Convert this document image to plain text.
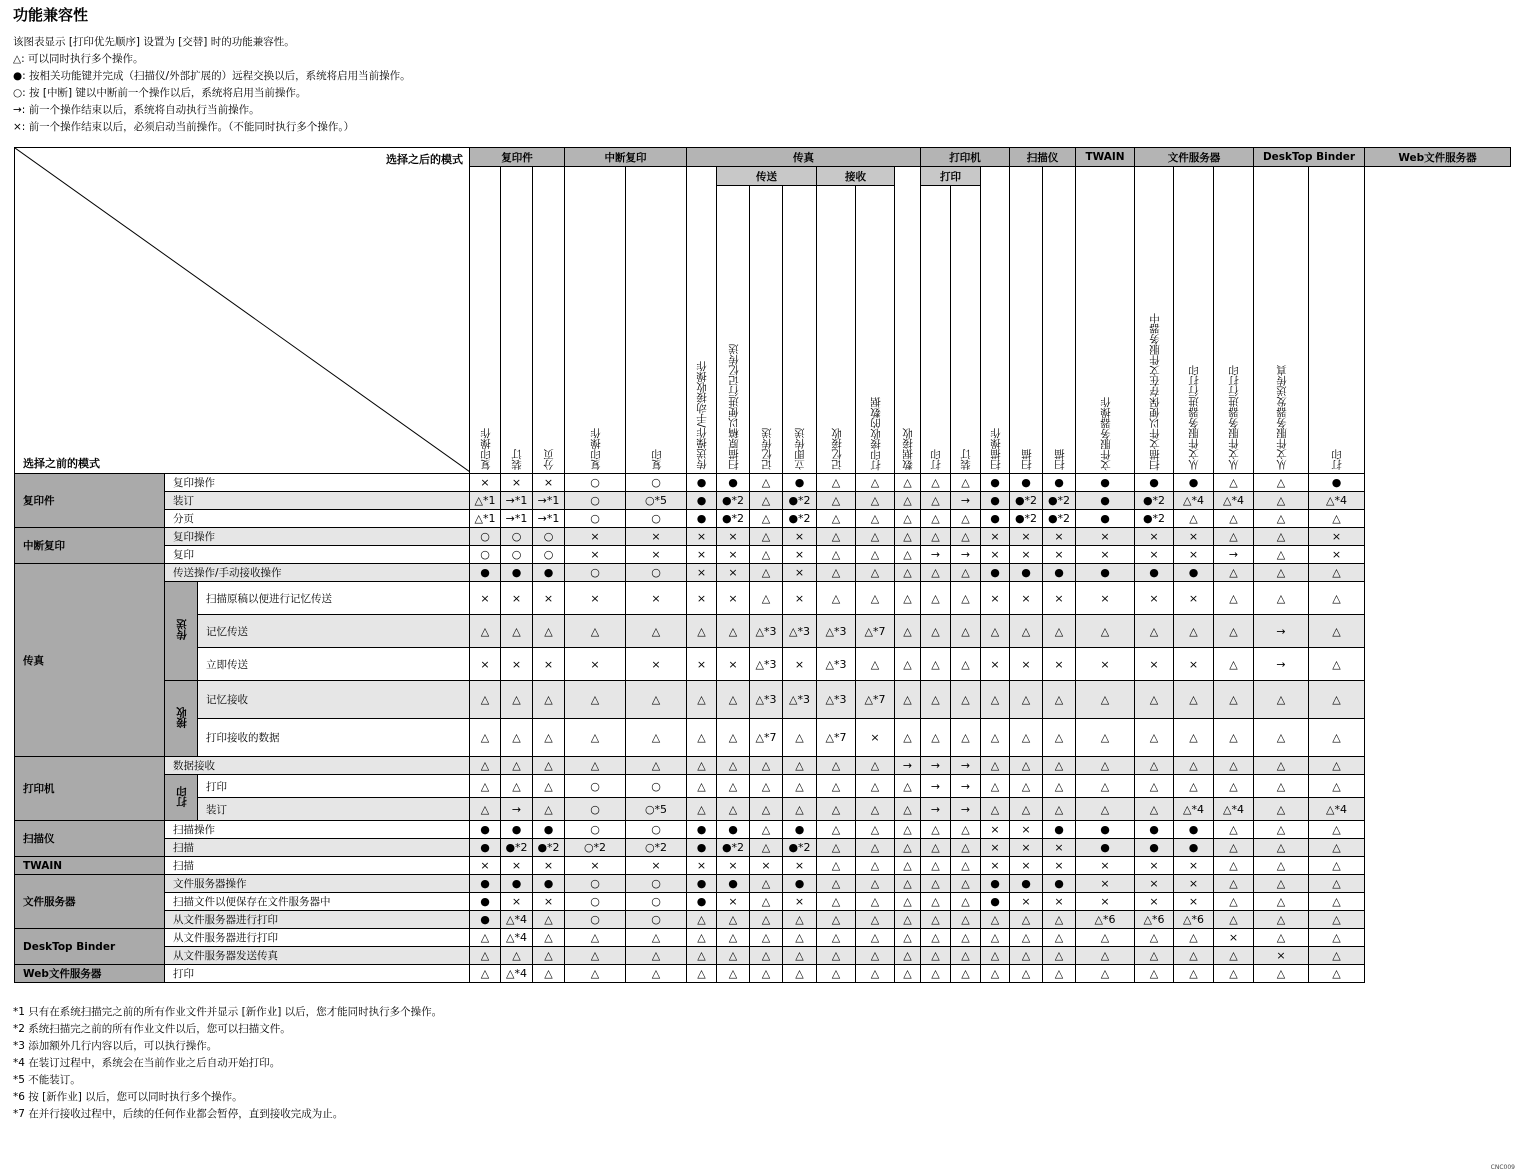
功能兼容性
该图表显示 [打印优先顺序] 设置为 [交替] 时的功能兼容性。
△: 可以同时执行多个操作。
●: 按相关功能键并完成（扫描仪/外部扩展的）远程交换以后，系统将启用当前操作。
○: 按 [中断] 键以中断前一个操作以后，系统将启用当前操作。
→: 前一个操作结束以后，系统将自动执行当前操作。
×: 前一个操作结束以后，必须启动当前操作。（不能同时执行多个操作。）
选择之后的模式
选择之前的模式			复印件			中断复印		传真							打印机			扫描仪		TWAIN	文件服务器			DeskTop Binder		Web文件服务器
			复印操作	装订	分页	复印操作	复印	传送操作/手动接收操作	传送			接收		数据接收	打印		扫描操作	扫描	扫描	文件服务器操作	扫描文件以便保存在文件服务器中	从文件服务器进行打印	从文件服务器进行打印	从文件服务器发送传真	打印	
									扫描原稿以便进行记忆传送	记忆传送	立即传送	记忆接收	打印接收的数据		打印	装订										
复印件	复印操作		×	×	×	○	○	●	●	△	●	△	△	△	△	△	●	●	●	●	●	●	△	△	●	
	装订		△*1	→*1	→*1	○	○*5	●	●*2	△	●*2	△	△	△	△	→	●	●*2	●*2	●	●*2	△*4	△*4	△	△*4	
	分页		△*1	→*1	→*1	○	○	●	●*2	△	●*2	△	△	△	△	△	●	●*2	●*2	●	●*2	△	△	△	△	
中断复印	复印操作		○	○	○	×	×	×	×	△	×	△	△	△	△	△	×	×	×	×	×	×	△	△	×	
	复印		○	○	○	×	×	×	×	△	×	△	△	△	→	→	×	×	×	×	×	×	→	△	×	
传真	传送操作/手动接收操作		●	●	●	○	○	×	×	△	×	△	△	△	△	△	●	●	●	●	●	●	△	△	△	
	传送	扫描原稿以便进行记忆传送	×	×	×	×	×	×	×	△	×	△	△	△	△	△	×	×	×	×	×	×	△	△	△	
		记忆传送	△	△	△	△	△	△	△	△*3	△*3	△*3	△*7	△	△	△	△	△	△	△	△	△	△	→	△	
		立即传送	×	×	×	×	×	×	×	△*3	×	△*3	△	△	△	△	×	×	×	×	×	×	△	→	△	
	接收	记忆接收	△	△	△	△	△	△	△	△*3	△*3	△*3	△*7	△	△	△	△	△	△	△	△	△	△	△	△	
		打印接收的数据	△	△	△	△	△	△	△	△*7	△	△*7	×	△	△	△	△	△	△	△	△	△	△	△	△	
打印机	数据接收		△	△	△	△	△	△	△	△	△	△	△	→	→	→	△	△	△	△	△	△	△	△	△	
	打印	打印	△	△	△	○	○	△	△	△	△	△	△	△	→	→	△	△	△	△	△	△	△	△	△	
		装订	△	→	△	○	○*5	△	△	△	△	△	△	△	→	→	△	△	△	△	△	△*4	△*4	△	△*4	
扫描仪	扫描操作		●	●	●	○	○	●	●	△	●	△	△	△	△	△	×	×	●	●	●	●	△	△	△	
	扫描		●	●*2	●*2	○*2	○*2	●	●*2	△	●*2	△	△	△	△	△	×	×	×	●	●	●	△	△	△	
TWAIN	扫描		×	×	×	×	×	×	×	×	×	△	△	△	△	△	×	×	×	×	×	×	△	△	△	
文件服务器	文件服务器操作		●	●	●	○	○	●	●	△	●	△	△	△	△	△	●	●	●	×	×	×	△	△	△	
	扫描文件以便保存在文件服务器中		●	×	×	○	○	●	×	△	×	△	△	△	△	△	●	×	×	×	×	×	△	△	△	
	从文件服务器进行打印		●	△*4	△	○	○	△	△	△	△	△	△	△	△	△	△	△	△	△*6	△*6	△*6	△	△	△	
DeskTop Binder	从文件服务器进行打印		△	△*4	△	△	△	△	△	△	△	△	△	△	△	△	△	△	△	△	△	△	×	△	△	
	从文件服务器发送传真		△	△	△	△	△	△	△	△	△	△	△	△	△	△	△	△	△	△	△	△	△	×	△	
Web文件服务器	打印		△	△*4	△	△	△	△	△	△	△	△	△	△	△	△	△	△	△	△	△	△	△	△	△	
*1 只有在系统扫描完之前的所有作业文件并显示 [新作业] 以后，您才能同时执行多个操作。
*2 系统扫描完之前的所有作业文件以后，您可以扫描文件。
*3 添加额外几行内容以后，可以执行操作。
*4 在装订过程中，系统会在当前作业之后自动开始打印。
*5 不能装订。
*6 按 [新作业] 以后，您可以同时执行多个操作。
*7 在并行接收过程中，后续的任何作业都会暂停，直到接收完成为止。
CNC009
